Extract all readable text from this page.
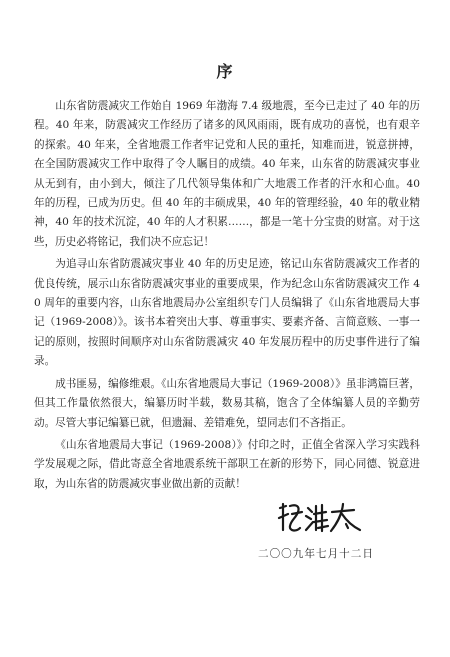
序

山东省防震减灾工作始自 1969 年渤海 7.4 级地震，至今已走过了 40 年的历程。40 年来，防震减灾工作经历了诸多的风风雨雨，既有成功的喜悦，也有艰辛的探索。40 年来，全省地震工作者牢记党和人民的重托，知难而进，锐意拼搏，在全国防震减灾工作中取得了令人瞩目的成绩。40 年来，山东省的防震减灾事业从无到有，由小到大，倾注了几代领导集体和广大地震工作者的汗水和心血。40 年的历程，已成为历史。但 40 年的丰硕成果，40 年的管理经验，40 年的敬业精神，40 年的技术沉淀，40 年的人才积累……，都是一笔十分宝贵的财富。对于这些，历史必将铭记，我们决不应忘记！

为追寻山东省防震减灾事业 40 年的历史足迹，铭记山东省防震减灾工作者的优良传统，展示山东省防震减灾事业的重要成果，作为纪念山东省防震减灾工作 40 周年的重要内容，山东省地震局办公室组织专门人员编辑了《山东省地震局大事记（1969-2008）》。该书本着突出大事、尊重事实、要素齐备、言简意赅、一事一记的原则，按照时间顺序对山东省防震减灾 40 年发展历程中的历史事件进行了编录。

成书匪易，编修维艰。《山东省地震局大事记（1969-2008）》虽非鸿篇巨著，但其工作量依然很大，编纂历时半载，数易其稿，饱含了全体编纂人员的辛勤劳动。尽管大事记编纂已就，但遗漏、差错难免，望同志们不吝指正。

《山东省地震局大事记（1969-2008）》付印之时，正值全省深入学习实践科学发展观之际，借此寄意全省地震系统干部职工在新的形势下，同心同德、锐意进取，为山东省的防震减灾事业做出新的贡献！

二〇〇九年七月十二日
